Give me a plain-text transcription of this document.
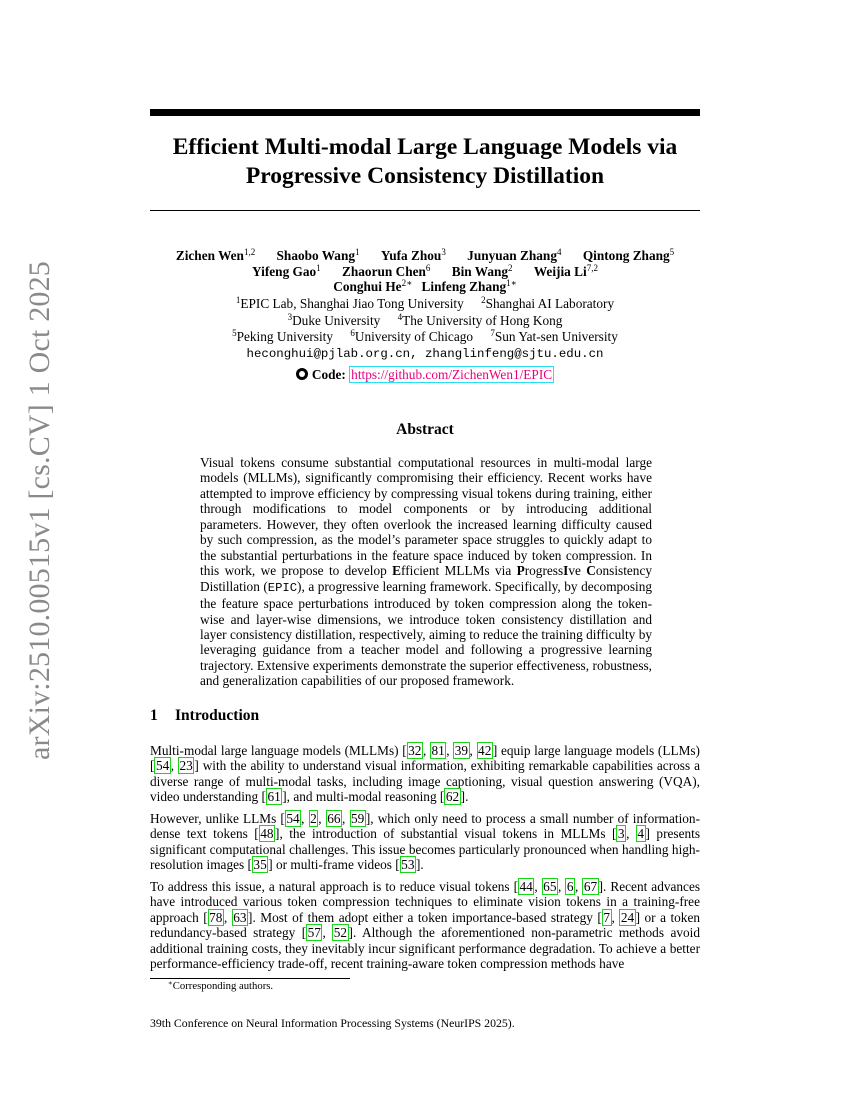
arXiv:2510.00515v1 [cs.CV] 1 Oct 2025
Efficient Multi-modal Large Language Models via
Progressive Consistency Distillation
Zichen Wen$^{1,2}$ Shaobo Wang$^1$ Yufa Zhou$^3$ Junyuan Zhang$^4$ Qintong Zhang$^5$
Yifeng Gao$^1$ Zhaorun Chen$^6$ Bin Wang$^2$ Weijia Li$^{7,2}$
Conghui $He^{2∗}$ Linfeng Zhang$^{1∗}$
$^1$EPIC Lab, Shanghai Jiao Tong University $^2$Shanghai AI Laboratory
$^3$Duke University $^4$The University of Hong Kong
$^5$Peking University $^6$University of Chicago $^7$Sun Yat-sen University
heconghui@pjlab.org.cn, zhanglinfeng@sjtu.edu.cn
Code: https://github.com/ZichenWen1/EPIC
Abstract
Visual tokens consume substantial computational resources in multi-modal large models (MLLMs), significantly compromising their efficiency. Recent works have attempted to improve efficiency by compressing visual tokens during training, either through modifications to model components or by introducing additional parameters. However, they often overlook the increased learning difficulty caused by such compression, as the model’s parameter space struggles to quickly adapt to the substantial perturbations in the feature space induced by token compression. In this work, we propose to develop Efficient MLLMs via ProgressIve Consistency Distillation (EPIC), a progressive learning framework. Specifically, by decomposing the feature space perturbations introduced by token compression along the token-wise and layer-wise dimensions, we introduce token consistency distillation and layer consistency distillation, respectively, aiming to reduce the training difficulty by leveraging guidance from a teacher model and following a progressive learning trajectory. Extensive experiments demonstrate the superior effectiveness, robustness, and generalization capabilities of our proposed framework.
1 Introduction
Multi-modal large language models (MLLMs) [ 32 , 81 , 39 , 42 ] equip large language models (LLMs) [ 54 , 23 ] with the ability to understand visual information, exhibiting remarkable capabilities across a diverse range of multi-modal tasks, including image captioning, visual question answering (VQA), video understanding [ 61 ], and multi-modal reasoning [ 62 ].
However, unlike LLMs [ 54 , 2 , 66 , 59 ], which only need to process a small number of information-dense text tokens [ 48 ], the introduction of substantial visual tokens in MLLMs [ 3 , 4 ] presents significant computational challenges. This issue becomes particularly pronounced when handling high-resolution images [ 35 ] or multi-frame videos [ 53 ].
To address this issue, a natural approach is to reduce visual tokens [ 44 , 65 , 6 , 67 ]. Recent advances have introduced various token compression techniques to eliminate vision tokens in a training-free approach [ 78 , 63 ]. Most of them adopt either a token importance-based strategy [ 7 , 24 ] or a token redundancy-based strategy [ 57 , 52 ]. Although the aforementioned non-parametric methods avoid additional training costs, they inevitably incur significant performance degradation. To achieve a better performance-efficiency trade-off, recent training-aware token compression methods have
∗Corresponding authors.
39th Conference on Neural Information Processing Systems (NeurIPS 2025).
